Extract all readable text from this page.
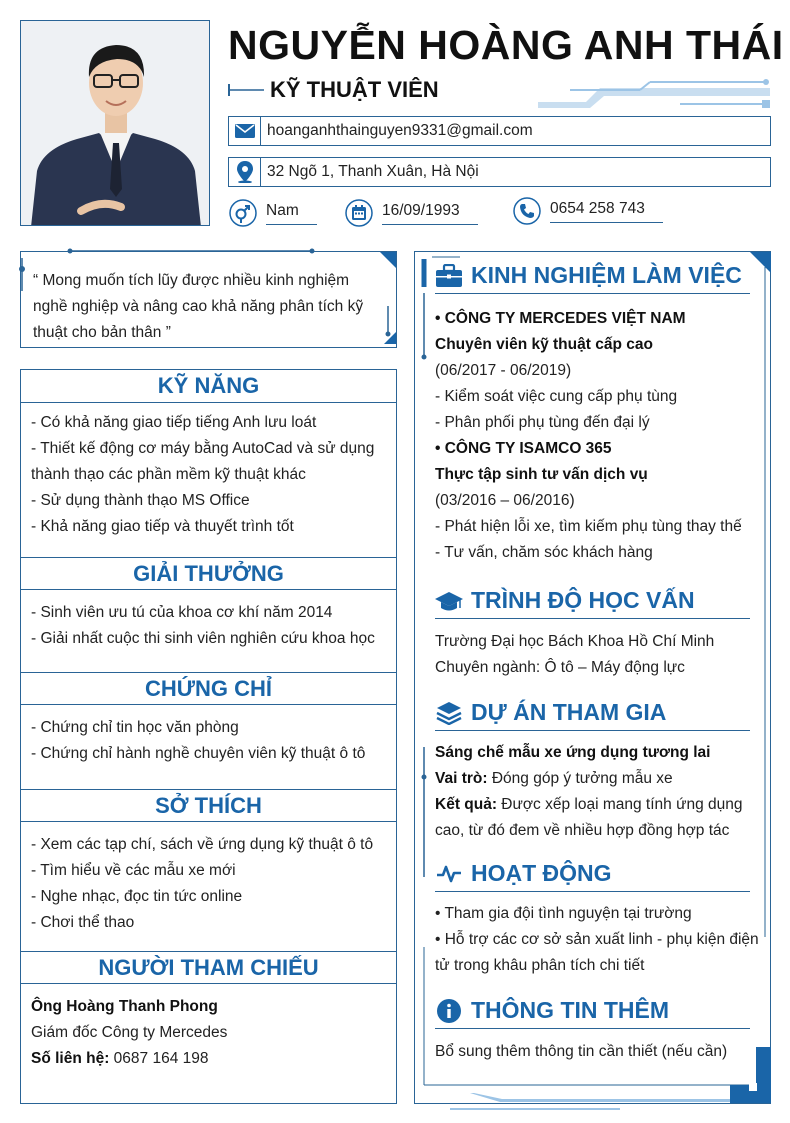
NGUYỄN HOÀNG ANH THÁI
KỸ THUẬT VIÊN
hoanganhthainguyen9331@gmail.com
32 Ngõ 1, Thanh Xuân, Hà Nội
Nam	16/09/1993	0654 258 743
“ Mong muốn tích lũy được nhiều kinh nghiệm nghề nghiệp và nâng cao khả năng phân tích kỹ thuật cho bản thân ”
KỸ NĂNG
- Có khả năng giao tiếp tiếng Anh lưu loát
- Thiết kế động cơ máy bằng AutoCad và sử dụng thành thạo các phần mềm kỹ thuật khác
- Sử dụng thành thạo MS Office
- Khả năng giao tiếp và thuyết trình tốt
GIẢI THƯỞNG
- Sinh viên ưu tú của khoa cơ khí năm 2014
- Giải nhất cuộc thi sinh viên nghiên cứu khoa học
CHỨNG CHỈ
- Chứng chỉ tin học văn phòng
- Chứng chỉ hành nghề chuyên viên kỹ thuật ô tô
SỞ THÍCH
- Xem các tạp chí, sách về ứng dụng kỹ thuật ô tô
- Tìm hiểu về các mẫu xe mới
- Nghe nhạc, đọc tin tức online
- Chơi thể thao
NGƯỜI THAM CHIẾU
Ông Hoàng Thanh Phong
Giám đốc Công ty Mercedes
Số liên hệ: 0687 164 198
KINH NGHIỆM LÀM VIỆC
• CÔNG TY MERCEDES VIỆT NAM
Chuyên viên kỹ thuật cấp cao
(06/2017 - 06/2019)
- Kiểm soát việc cung cấp phụ tùng
- Phân phối phụ tùng đến đại lý
• CÔNG TY ISAMCO 365
Thực tập sinh tư vấn dịch vụ
(03/2016 – 06/2016)
- Phát hiện lỗi xe, tìm kiếm phụ tùng thay thế
- Tư vấn, chăm sóc khách hàng
TRÌNH ĐỘ HỌC VẤN
Trường Đại học Bách Khoa Hồ Chí Minh
Chuyên ngành: Ô tô – Máy động lực
DỰ ÁN THAM GIA
Sáng chế mẫu xe ứng dụng tương lai
Vai trò: Đóng góp ý tưởng mẫu xe
Kết quả: Được xếp loại mang tính ứng dụng cao, từ đó đem về nhiều hợp đồng hợp tác
HOẠT ĐỘNG
• Tham gia đội tình nguyện tại trường
• Hỗ trợ các cơ sở sản xuất linh - phụ kiện điện tử trong khâu phân tích chi tiết
THÔNG TIN THÊM
Bổ sung thêm thông tin cần thiết (nếu cần)
